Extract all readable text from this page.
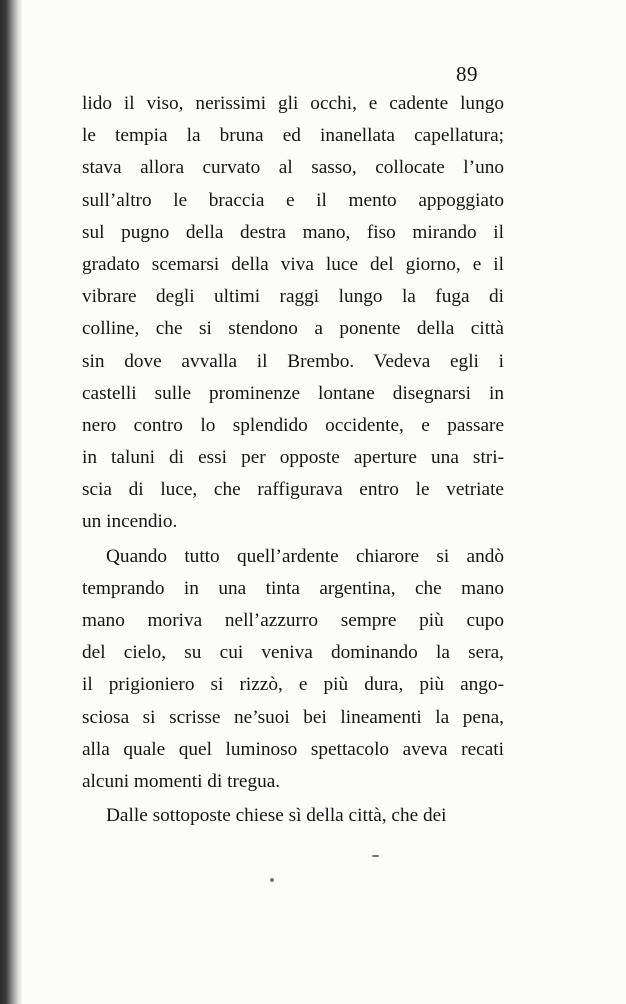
89
lido il viso, nerissimi gli occhi, e cadente lungo
le tempia la bruna ed inanellata capellatura;
stava allora curvato al sasso, collocate l’uno
sull’altro le braccia e il mento appoggiato
sul pugno della destra mano, fiso mirando il
gradato scemarsi della viva luce del giorno, e il
vibrare degli ultimi raggi lungo la fuga di
colline, che si stendono a ponente della città
sin dove avvalla il Brembo. Vedeva egli i
castelli sulle prominenze lontane disegnarsi in
nero contro lo splendido occidente, e passare
in taluni di essi per opposte aperture una stri-
scia di luce, che raffigurava entro le vetriate
un incendio.
Quando tutto quell’ardente chiarore si andò
temprando in una tinta argentina, che mano
mano moriva nell’azzurro sempre più cupo
del cielo, su cui veniva dominando la sera,
il prigioniero si rizzò, e più dura, più ango-
sciosa si scrisse ne’suoi bei lineamenti la pena,
alla quale quel luminoso spettacolo aveva recati
alcuni momenti di tregua.
Dalle sottoposte chiese sì della città, che dei
